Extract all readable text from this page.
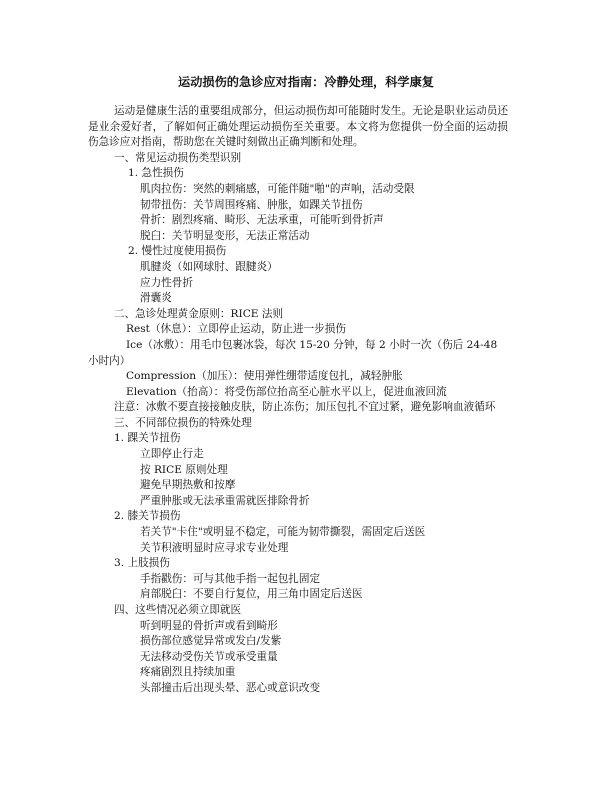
运动损伤的急诊应对指南：冷静处理，科学康复

运动是健康生活的重要组成部分，但运动损伤却可能随时发生。无论是职业运动员还是业余爱好者，了解如何正确处理运动损伤至关重要。本文将为您提供一份全面的运动损伤急诊应对指南，帮助您在关键时刻做出正确判断和处理。

一、常见运动损伤类型识别

1. 急性损伤

肌肉拉伤：突然的刺痛感，可能伴随"啪"的声响，活动受限

韧带扭伤：关节周围疼痛、肿胀，如踝关节扭伤

骨折：剧烈疼痛、畸形、无法承重，可能听到骨折声

脱臼：关节明显变形，无法正常活动

2. 慢性过度使用损伤

肌腱炎（如网球肘、跟腱炎）

应力性骨折

滑囊炎

二、急诊处理黄金原则：RICE 法则

Rest（休息）：立即停止运动，防止进一步损伤

Ice（冰敷）：用毛巾包裹冰袋，每次 15-20 分钟，每 2 小时一次（伤后 24-48 小时内）

Compression（加压）：使用弹性绷带适度包扎，减轻肿胀

Elevation（抬高）：将受伤部位抬高至心脏水平以上，促进血液回流

注意：冰敷不要直接接触皮肤，防止冻伤；加压包扎不宜过紧，避免影响血液循环

三、不同部位损伤的特殊处理

1. 踝关节扭伤

立即停止行走

按 RICE 原则处理

避免早期热敷和按摩

严重肿胀或无法承重需就医排除骨折

2. 膝关节损伤

若关节"卡住"或明显不稳定，可能为韧带撕裂，需固定后送医

关节积液明显时应寻求专业处理

3. 上肢损伤

手指戳伤：可与其他手指一起包扎固定

肩部脱臼：不要自行复位，用三角巾固定后送医

四、这些情况必须立即就医

听到明显的骨折声或看到畸形

损伤部位感觉异常或发白/发紫

无法移动受伤关节或承受重量

疼痛剧烈且持续加重

头部撞击后出现头晕、恶心或意识改变
